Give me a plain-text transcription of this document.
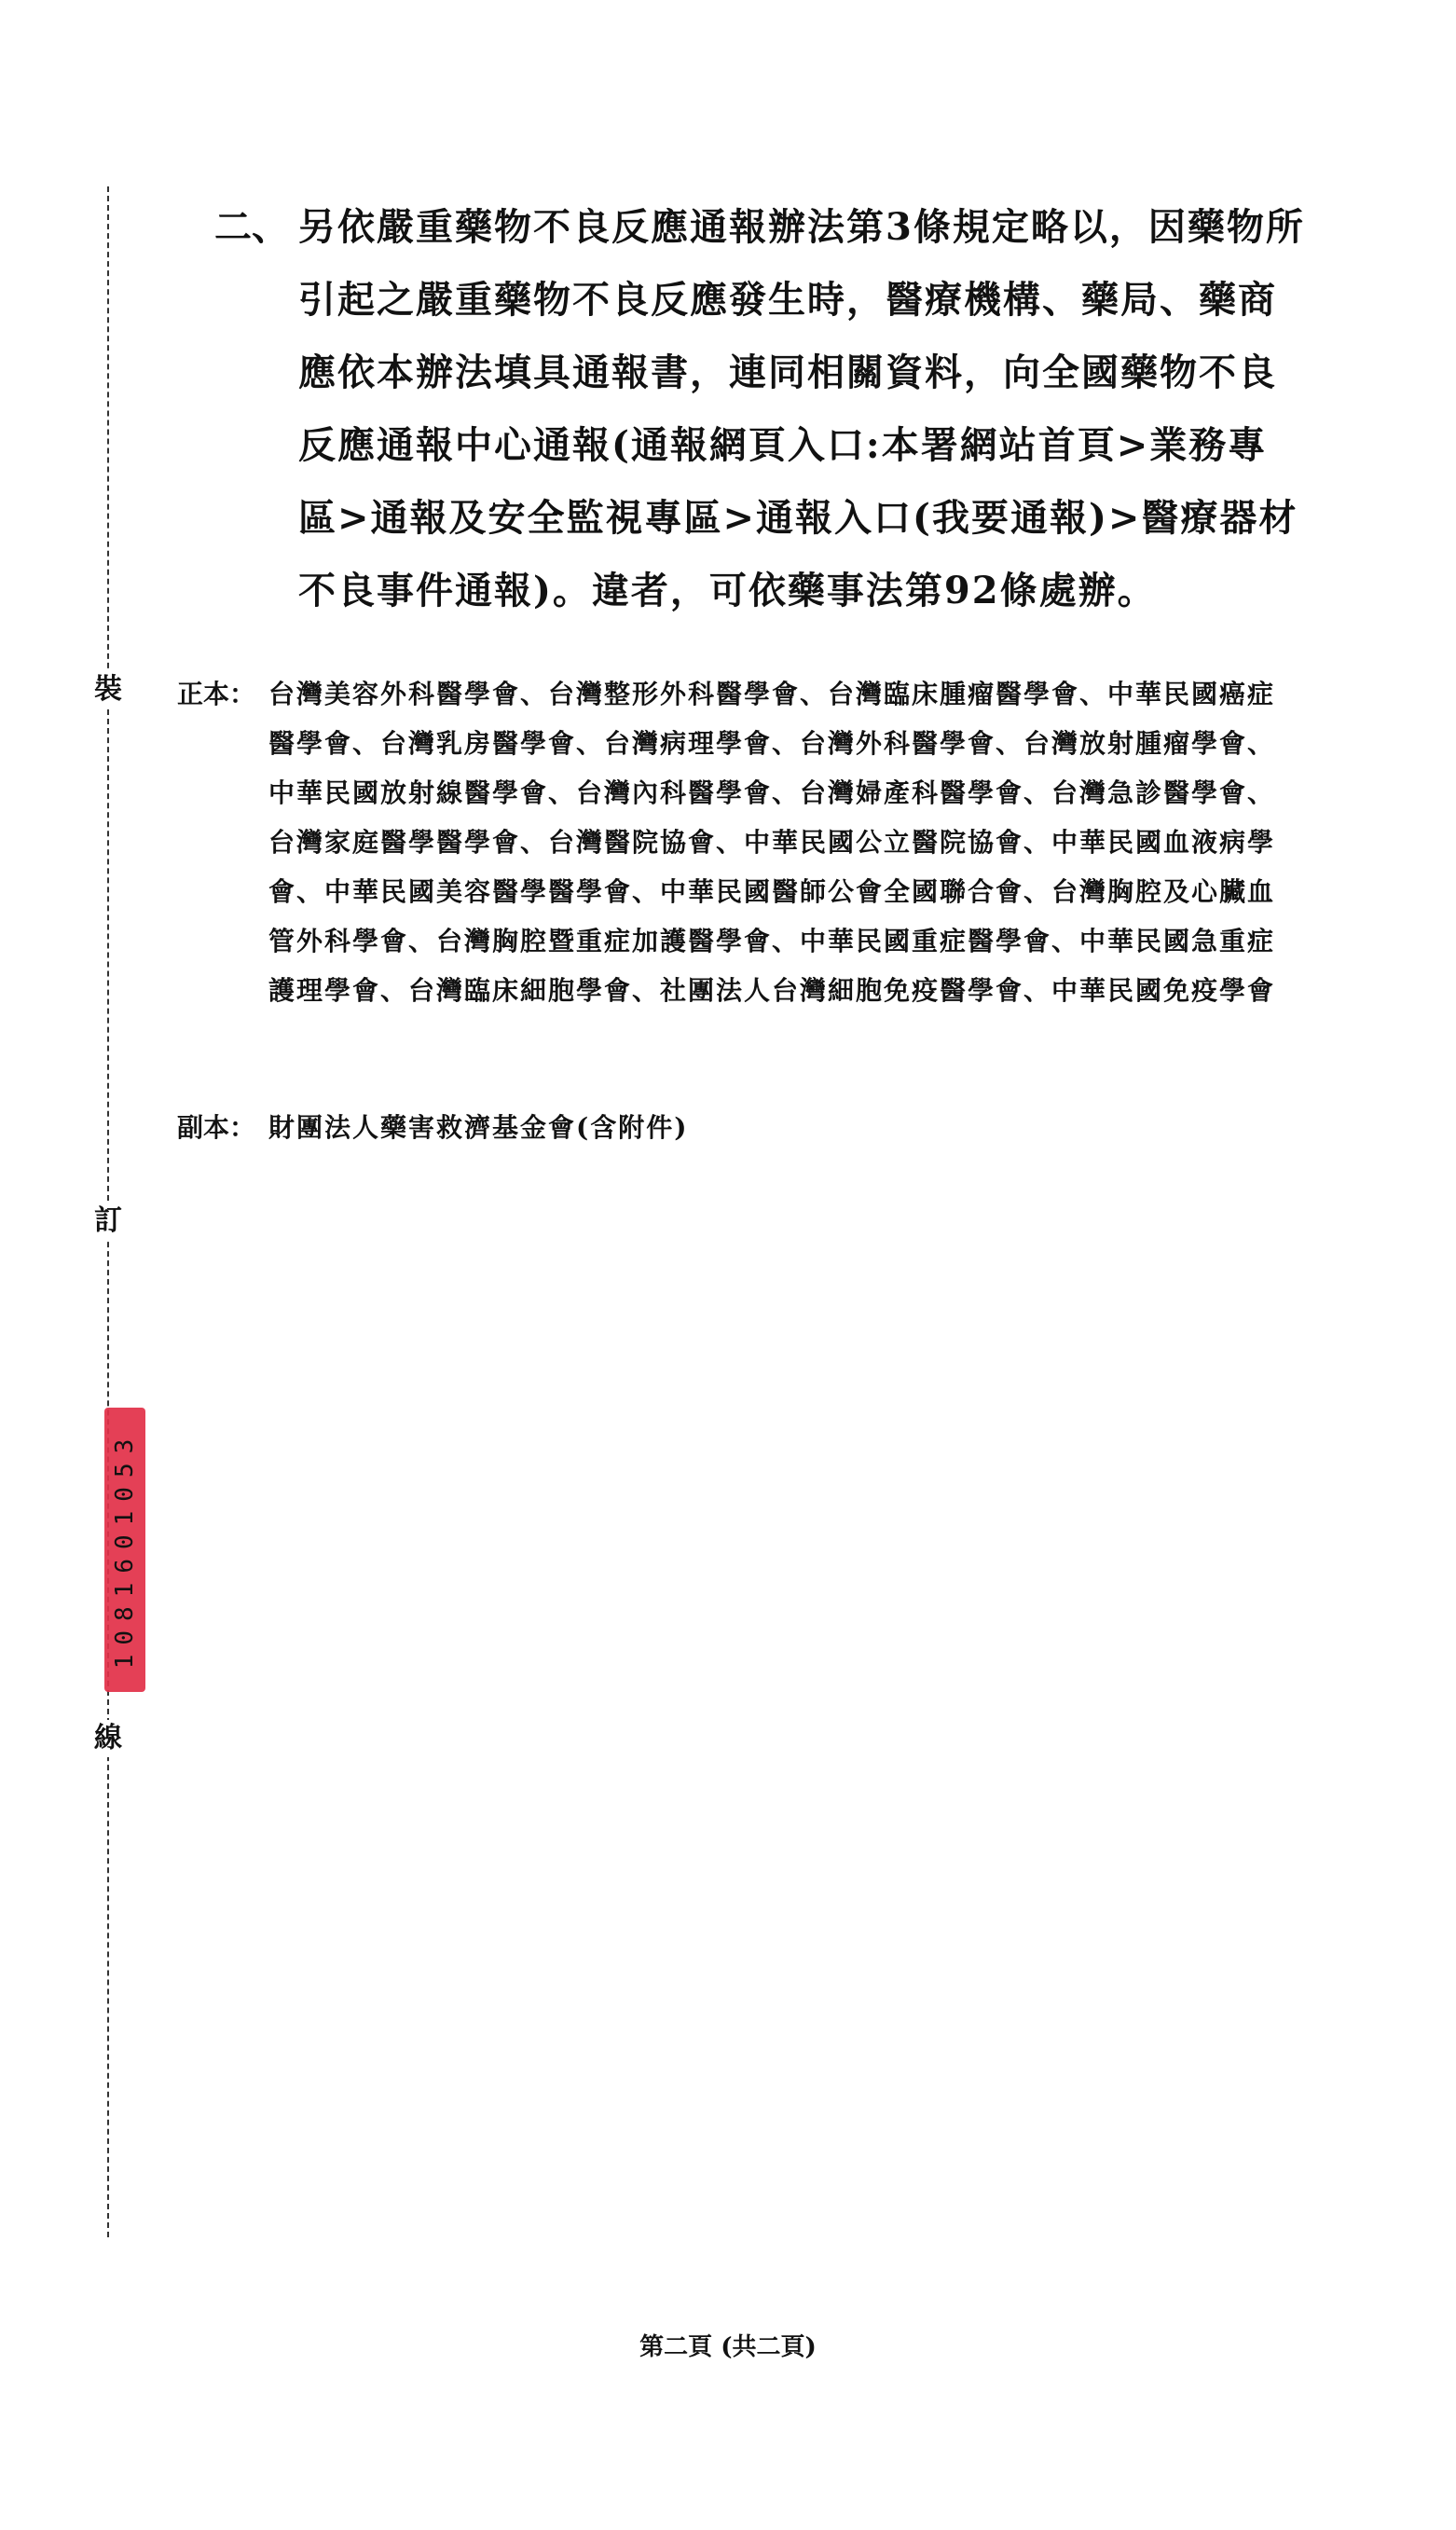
裝
訂
線
1081601053
二、 另依嚴重藥物不良反應通報辦法第3條規定略以，因藥物所引起之嚴重藥物不良反應發生時，醫療機構、藥局、藥商應依本辦法填具通報書，連同相關資料，向全國藥物不良反應通報中心通報(通報網頁入口:本署網站首頁>業務專區>通報及安全監視專區>通報入口(我要通報)>醫療器材不良事件通報)。違者，可依藥事法第92條處辦。
正本： 台灣美容外科醫學會、台灣整形外科醫學會、台灣臨床腫瘤醫學會、中華民國癌症醫學會、台灣乳房醫學會、台灣病理學會、台灣外科醫學會、台灣放射腫瘤學會、中華民國放射線醫學會、台灣內科醫學會、台灣婦產科醫學會、台灣急診醫學會、台灣家庭醫學醫學會、台灣醫院協會、中華民國公立醫院協會、中華民國血液病學會、中華民國美容醫學醫學會、中華民國醫師公會全國聯合會、台灣胸腔及心臟血管外科學會、台灣胸腔暨重症加護醫學會、中華民國重症醫學會、中華民國急重症護理學會、台灣臨床細胞學會、社團法人台灣細胞免疫醫學會、中華民國免疫學會
副本： 財團法人藥害救濟基金會(含附件)
第二頁 (共二頁)
